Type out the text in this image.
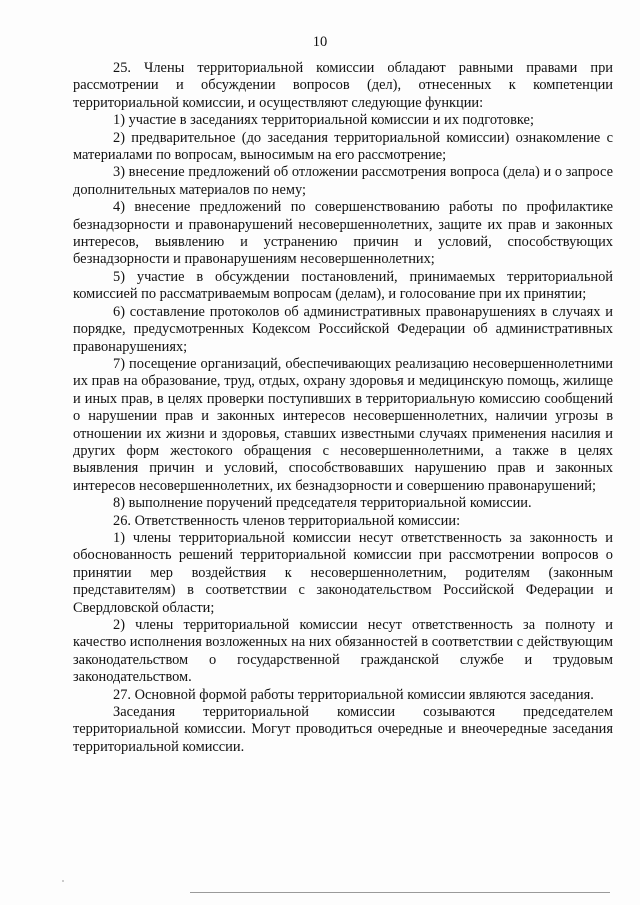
10

25. Члены территориальной комиссии обладают равными правами при рассмотрении и обсуждении вопросов (дел), отнесенных к компетенции территориальной комиссии, и осуществляют следующие функции:

1) участие в заседаниях территориальной комиссии и их подготовке;

2) предварительное (до заседания территориальной комиссии) ознакомление с материалами по вопросам, выносимым на его рассмотрение;

3) внесение предложений об отложении рассмотрения вопроса (дела) и о запросе дополнительных материалов по нему;

4) внесение предложений по совершенствованию работы по профилактике безнадзорности и правонарушений несовершеннолетних, защите их прав и законных интересов, выявлению и устранению причин и условий, способствующих безнадзорности и правонарушениям несовершеннолетних;

5) участие в обсуждении постановлений, принимаемых территориальной комиссией по рассматриваемым вопросам (делам), и голосование при их принятии;

6) составление протоколов об административных правонарушениях в случаях и порядке, предусмотренных Кодексом Российской Федерации об административных правонарушениях;

7) посещение организаций, обеспечивающих реализацию несовершеннолетними их прав на образование, труд, отдых, охрану здоровья и медицинскую помощь, жилище и иных прав, в целях проверки поступивших в территориальную комиссию сообщений о нарушении прав и законных интересов несовершеннолетних, наличии угрозы в отношении их жизни и здоровья, ставших известными случаях применения насилия и других форм жестокого обращения с несовершеннолетними, а также в целях выявления причин и условий, способствовавших нарушению прав и законных интересов несовершеннолетних, их безнадзорности и совершению правонарушений;

8) выполнение поручений председателя территориальной комиссии.

26. Ответственность членов территориальной комиссии:

1) члены территориальной комиссии несут ответственность за законность и обоснованность решений территориальной комиссии при рассмотрении вопросов о принятии мер воздействия к несовершеннолетним, родителям (законным представителям) в соответствии с законодательством Российской Федерации и Свердловской области;

2) члены территориальной комиссии несут ответственность за полноту и качество исполнения возложенных на них обязанностей в соответствии с действующим законодательством о государственной гражданской службе и трудовым законодательством.

27. Основной формой работы территориальной комиссии являются заседания.

Заседания территориальной комиссии созываются председателем территориальной комиссии. Могут проводиться очередные и внеочередные заседания территориальной комиссии.
